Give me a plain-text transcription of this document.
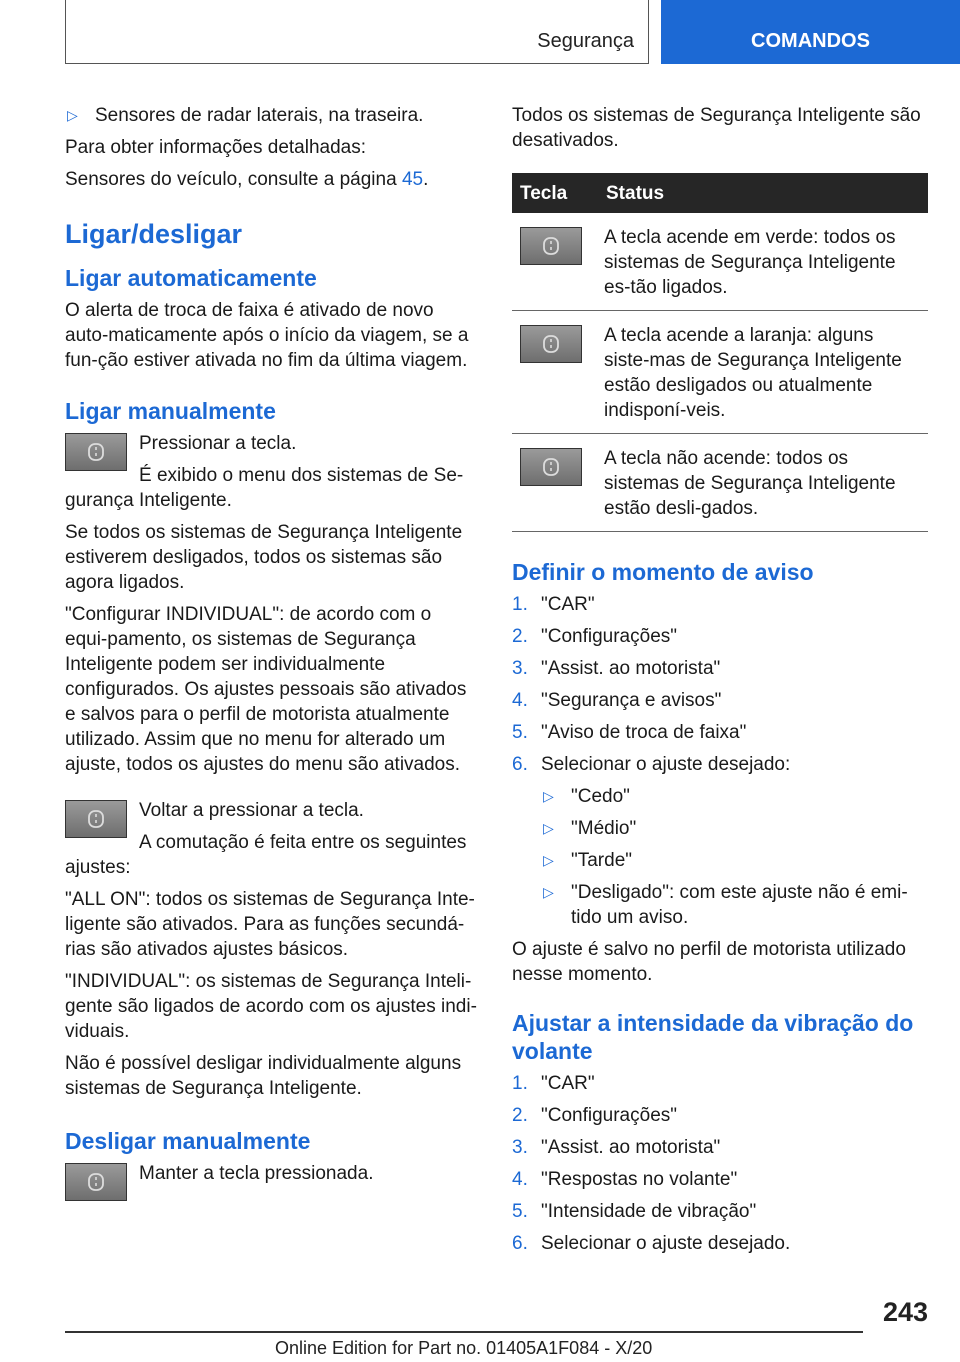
Segurança	COMANDOS
▷ Sensores de radar laterais, na traseira.

Para obter informações detalhadas:

Sensores do veículo, consulte a página 45.

Ligar/desligar
Ligar automaticamente

O alerta de troca de faixa é ativado de novo auto-maticamente após o início da viagem, se a fun-ção estiver ativada no fim da última viagem.

Ligar manualmente

Pressionar a tecla.

É exibido o menu dos sistemas de Se-gurança Inteligente.

Se todos os sistemas de Segurança Inteligente estiverem desligados, todos os sistemas são agora ligados.

"Configurar INDIVIDUAL": de acordo com o equi-pamento, os sistemas de Segurança Inteligente podem ser individualmente configurados. Os ajustes pessoais são ativados e salvos para o perfil de motorista atualmente utilizado. Assim que no menu for alterado um ajuste, todos os ajustes do menu são ativados.

Voltar a pressionar a tecla.

A comutação é feita entre os seguintes ajustes:

"ALL ON": todos os sistemas de Segurança Inte-ligente são ativados. Para as funções secundá-rias são ativados ajustes básicos.

"INDIVIDUAL": os sistemas de Segurança Inteli-gente são ligados de acordo com os ajustes indi-viduais.

Não é possível desligar individualmente alguns sistemas de Segurança Inteligente.

Desligar manualmente

Manter a tecla pressionada.

Todos os sistemas de Segurança Inteligente são desativados.

Tecla	Status

	A tecla acende em verde: todos os sistemas de Segurança Inteligente es-tão ligados.

	A tecla acende a laranja: alguns siste-mas de Segurança Inteligente estão desligados ou atualmente indisponí-veis.

	A tecla não acende: todos os sistemas de Segurança Inteligente estão desli-gados.
Definir o momento de aviso
1. "CAR"
2. "Configurações"
3. "Assist. ao motorista"
4. "Segurança e avisos"
5. "Aviso de troca de faixa"
6. Selecionar o ajuste desejado:
▷ "Cedo"
▷ "Médio"
▷ "Tarde"
▷ "Desligado": com este ajuste não é emi-tido um aviso.

O ajuste é salvo no perfil de motorista utilizado nesse momento.

Ajustar a intensidade da vibração do volante
1. "CAR"
2. "Configurações"
3. "Assist. ao motorista"
4. "Respostas no volante"
5. "Intensidade de vibração"
6. Selecionar o ajuste desejado.
243
Online Edition for Part no. 01405A1F084 - X/20
